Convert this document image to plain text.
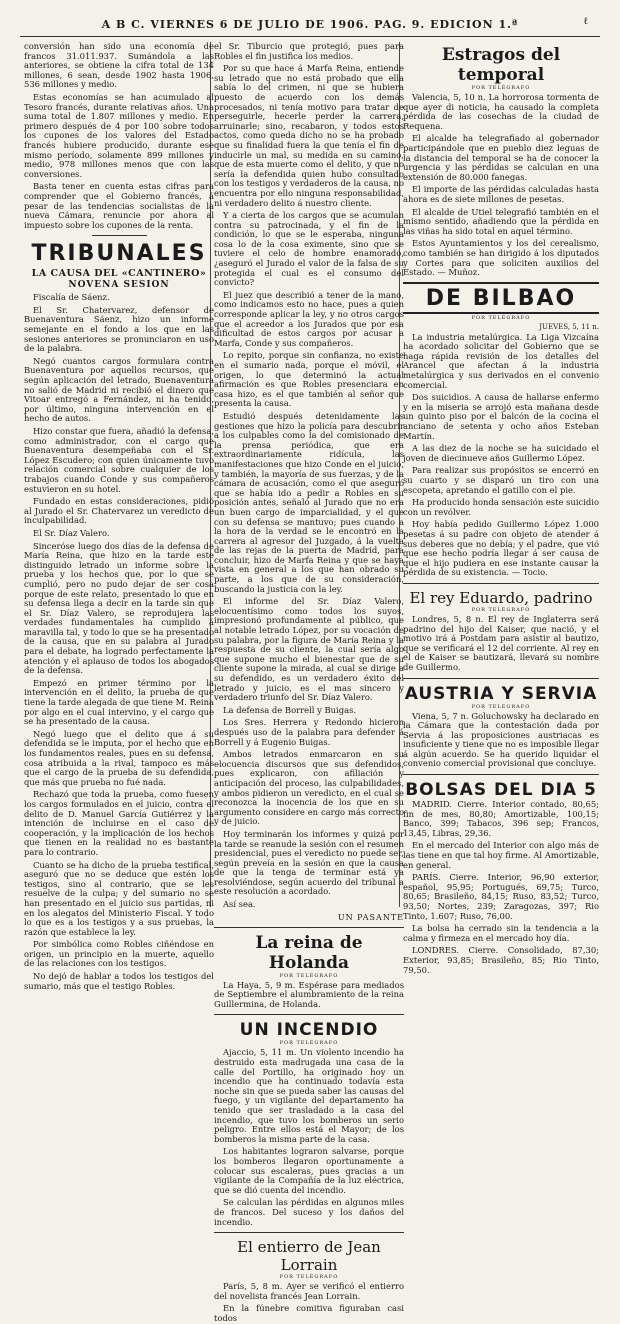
A B C. VIERNES 6 DE JULIO DE 1906. PAG. 9. EDICION 1.ª	ℓ

conversión han sido una economía de francos 31.011.937. Sumándola a las anteriores, se obtiene la cifra total de 134 millones, 6 sean, desde 1902 hasta 1906, 536 millones y medio.

Estas economías se han acumulado al Tesoro francés, durante relativas años. Una suma total de 1.807 millones y medio. En primero después de 4 por 100 sobre todos los cupones de los valores del Estado francés hubiere producido, durante ese mismo período, solamente 899 millones y medio, 978 millones menos que con las conversiones.

Basta tener en cuenta estas cifras para comprender que el Gobierno francés, á pesar de las tendencias socialistas de la nueva Cámara, renuncie por ahora al impuesto sobre los cupones de la renta.

TRIBUNALES
LA CAUSA DEL «CANTINERO»
NOVENA SESION

Fiscalía de Sáenz.

El Sr. Chatervarez, defensor de Buenaventura Sáenz, hizo un informe semejante en el fondo a los que en las sesiones anteriores se pronunciaron en uso de la palabra.

Negó cuantos cargos formulara contra Buenaventura por aquellos recursos, que según aplicación del letrado, Buenaventura no salió de Madrid ni recibió el dinero que Vitoar entregó a Fernández, ni ha tenido, por último, ninguna intervención en el hecho de autos.

Hizo constar que fuera, añadió la defensa, como administrador, con el cargo que Buenaventura desempeñaba con el Sr. López Escudero; con quien únicamente tuvo relación comercial sobre cualquier de los trabajos cuando Conde y sus compañeros estuvieron en su hotel.

Fundado en estas consideraciones, pidió al Jurado el Sr. Chatervarez un veredicto de inculpabilidad.

El Sr. Díaz Valero.

Sinceróse luego dos días de la defensa de María Reina, que hizo en la tarde este distinguido letrado un informe sobre la prueba y los hechos que, por lo que se cumplió, pero no pudo dejar de ser cosa porque de este relato, presentado lo que en su defensa llega a decir en la tarde sin que el Sr. Díaz Valero, se reprodujera las verdades fundamentales ha cumplido á maravilla tal, y todo lo que se ha presentado de la causa, que en su palabra al Jurado para el debate, ha logrado perfectamente la atención y el aplauso de todos los abogados de la defensa.

Empezó en primer término por la intervención en el delito, la prueba de que tiene la tarde alegada de que tiene M. Reina por algo en el cual intervino, y el cargo que se ha presentado de la causa.

Negó luego que el delito que á su defendida se le imputa, por el hecho que en los fundamentos reales, pues en su defensa, cosa atribuida a la rival, tampoco es más que el cargo de la prueba de su defendida, que más que prueba no fué nada.

Rechazó que toda la prueba, como fuesen los cargos formulados en el juicio, contra el delito de D. Manuel García Gutiérrez y la intención de incluirse en el caso de cooperación, y la implicación de los hechos que tienen en la realidad no es bastante para lo contrario.

Cuanto se ha dicho de la prueba testifical, aseguró que no se deduce que estén los testigos, sino al contrario, que se les resuelve de la culpa; y del sumario no se han presentado en el juicio sus partidas, ni en los alegatos del Ministerio Fiscal. Y todo lo que es a los testigos y a sus pruebas, la razón que establece la ley.

Por simbólica como Robles ciñéndose en origen, un principio en la muerte, aquello de las relaciones con los testigos.

No dejó de hablar a todos los testigos del sumario, más que el testigo Robles.

el Sr. Tiburcio que protegió, pues para Robles el fin justifica los medios.

Por su que hace á Marfa Reina, entiende su letrado que no está probado que ella sabía lo del crimen, ni que se hubiera puesto de acuerdo con los demás procesados, ni tenía motivo para tratar de perseguirle, hecerle perder la carrera, arruinarle; sino, recabaron, y todos estos actos, como queda dicho no se ha probado que su finalidad fuera la que tenía el fin de inducirle un mal, su medida en su camino, que de esta muerte como el delito, y que no sería la defendida quien hubo consultado con los testigos y verdaderos de la causa, no encuentra por ello ninguna responsabilidad, ni verdadero delito á nuestro cliente.

Y a cierta de los cargos que se acumulan contra su patrocinada, y el fin de la condición, lo que se le esperaba, ninguna cosa lo de la cosa eximente, sino que se tuviere el celo de hombre enamorado, ¿aseguró el Jurado el valor de la falsa de su protegida el cual es el consumo del convicto?

El juez que describió a tener de la mano, como indicamos esto no hace, pues a quien corresponde aplicar la ley, y no otros cargos que el acreedor a los Jurados que por esa dificultad de estos cargos por acusar a Marfa, Conde y sus compañeros.

Lo repito, porque sin confianza, no existe en el sumario nada, porque el móvil, el origen, lo que determinó la actual afirmación es que Robles presenciara en casa hizo, es el que también al señor que presenta la causa.

Estudió después detenidamente las gestiones que hizo la policía para descubrir a los culpables como la del comisionado de la prensa periódica, que era extraordinariamente ridícula, las manifestaciones que hizo Conde en el juicio, y también, la mayoría de sus fuerzas, y de la cámara de acusación, como el que aseguró que se había ido a pedir a Robles en su posición antes, señaló al Jurado que no era un buen cargo de imparcialidad, y el que con su defensa se mantuvo; pues cuando a la hora de la verdad se le encontró en la carrera al agresor del Juzgado, á la vuelta de las rejas de la puerta de Madrid, para concluir, hizo de Marfa Reina y que se haya vista en general a los que han obrado su parte, a los que de su consideración, buscando la justicia con la ley.

El informe del Sr. Díaz Valero, elocuentísimo como todos los suyos, impresionó profundamente al público, que al notable letrado López, por su vocación de su palabra, por la figura de María Reina y la respuesta de su cliente, la cual sería algo que supone mucho el bienestar que de su cliente supone la mirada, al cual se dirige a su defendido, es un verdadero éxito del letrado y juicio, es el mas sincero y verdadero triunfo del Sr. Díaz Valero.

La defensa de Borrell y Buigas.

Los Sres. Herrera y Redondo hicieron después uso de la palabra para defender á Borrell y á Eugenio Buigas.

Ambos letrados enmarcaron en su elocuencia discursos que sus defendidos, pues explicaron, con afiliación y anticipación del proceso, las culpabilidades, y ambos pidieron un veredicto, en el cual se reconozca la inocencia de los que en su argumento considere en cargo más correcto y de juicio.

Hoy terminarán los informes y quizá por la tarde se reanude la sesión con el resumen presidencial, pues el veredicto no puede ser, según preveía en la sesión en que la causa de que la tenga de terminar está ya resolviéndose, según acuerdo del tribunal a este resolución a acordado.

Así sea.

UN PASANTE
La reina de Holanda
POR TELÉGRAFO

La Haya, 5, 9 m. Espérase para mediados de Septiembre el alumbramiento de la reina Guillermina, de Holanda.

UN INCENDIO
POR TELÉGRAFO

Ajaccio, 5, 11 m. Un violento incendio ha destruido esta madrugada una casa de la calle del Portillo, ha originado hoy un incendio que ha continuado todavía esta noche sin que se pueda saber las causas del fuego, y un vigilante del departamento ha tenido que ser trasladado a la casa del incendio, que tuvo los bomberos un serio peligro. Entre ellos está el Mayor; de los bomberos la misma parte de la casa.

Los habitantes lograron salvarse, porque los bomberos llegaron oportunamente a colocar sus escaleras, pues gracias a un vigilante de la Compañía de la luz eléctrica, que se dió cuenta del incendio.

Se calculan las pérdidas en algunos miles de francos. Del suceso y los daños del incendio.

El entierro de Jean Lorrain
POR TELÉGRAFO

París, 5, 8 m. Ayer se verificó el entierro del novelista francés Jean Lorrain.

En la fúnebre comitiva figuraban casi todos

Estragos del temporal
POR TELÉGRAFO

Valencia, 5, 10 n. La horrorosa tormenta de que ayer di noticia, ha causado la completa pérdida de las cosechas de la ciudad de Requena.

El alcalde ha telegrafiado al gobernador participándole que en pueblo diez leguas de la distancia del temporal se ha de conocer la urgencia y las pérdidas se calculan en una extensión de 80.000 fanegas.

El importe de las pérdidas calculadas hasta ahora es de siete millones de pesetas.

El alcalde de Utiel telegrafió también en el mismo sentido, añadiendo que la pérdida en las viñas ha sido total en aquel término.

Estos Ayuntamientos y los del cerealismo, como también se han dirigido á los diputados y Cortes para que soliciten auxilios del Estado. — Muñoz.

DE BILBAO
POR TELÉGRAFO
JUEVES, 5, 11 n.

La industria metalúrgica. La Liga Vizcaína ha acordado solicitar del Gobierno que se haga rápida revisión de los detalles del Arancel que afectan á la industria metalúrgica y sus derivados en el convenio comercial.

Dos suicidios. A causa de hallarse enfermo y en la miseria se arrojó esta mañana desde un quinto piso por el balcón de la cocina el anciano de setenta y ocho años Esteban Martín.

A las diez de la noche se ha suicidado el joven de diecinueve años Guillermo López.

Para realizar sus propósitos se encerró en su cuarto y se disparó un tiro con una escopeta, apretando el gatillo con el pie.

Ha producido honda sensación este suicidio con un revólver.

Hoy había pedido Guillermo López 1.000 pesetas á su padre con objeto de atender á sus deberes que no debía; y el padre, que vió que ese hecho podría llegar á ser causa de que el hijo pudiera en ese instante causar la pérdida de su existencia. — Tocio.

El rey Eduardo, padrino
POR TELÉGRAFO

Londres, 5, 8 n. El rey de Inglaterra será padrino del hijo del Kaiser, que nació, y el motivo irá á Postdam para asistir al bautizo, que se verificará el 12 del corriente. Al rey en el de Kaiser se bautizará, llevará su nombre de Guillermo.

AUSTRIA Y SERVIA
POR TELÉGRAFO

Viena, 5, 7 n. Goluchowsky ha declarado en la Cámara que la contestación dada por Servia á las proposiciones austriacas es insuficiente y tiene que no es imposible llegar á algún acuerdo. Se ha querido liquidar el convenio comercial provisional que concluye.

BOLSAS DEL DIA 5

MADRID. Cierre. Interior contado, 80,65; fin de mes, 80,80; Amortizable, 100,15; Banco, 399; Tabacos, 396 sep; Francos, 13,45, Libras, 29,36.

En el mercado del Interior con algo más de las tiene en que tal hoy firme. Al Amortizable, en general.

PARÍS. Cierre. Interior, 96,90 exterior, español, 95,95; Portugués, 69,75; Turco, 80,65; Brasileño, 84,15; Ruso, 83,52; Turco, 93,50; Nortes, 239; Zaragozas, 397; Rio Tinto, 1.607; Ruso, 76,00.

La bolsa ha cerrado sin la tendencia a la calma y firmeza en el mercado hoy día.

LONDRES. Cierre. Consolidado, 87,30; Exterior, 93,85; Brasileño, 85; Rio Tinto, 79,50.
